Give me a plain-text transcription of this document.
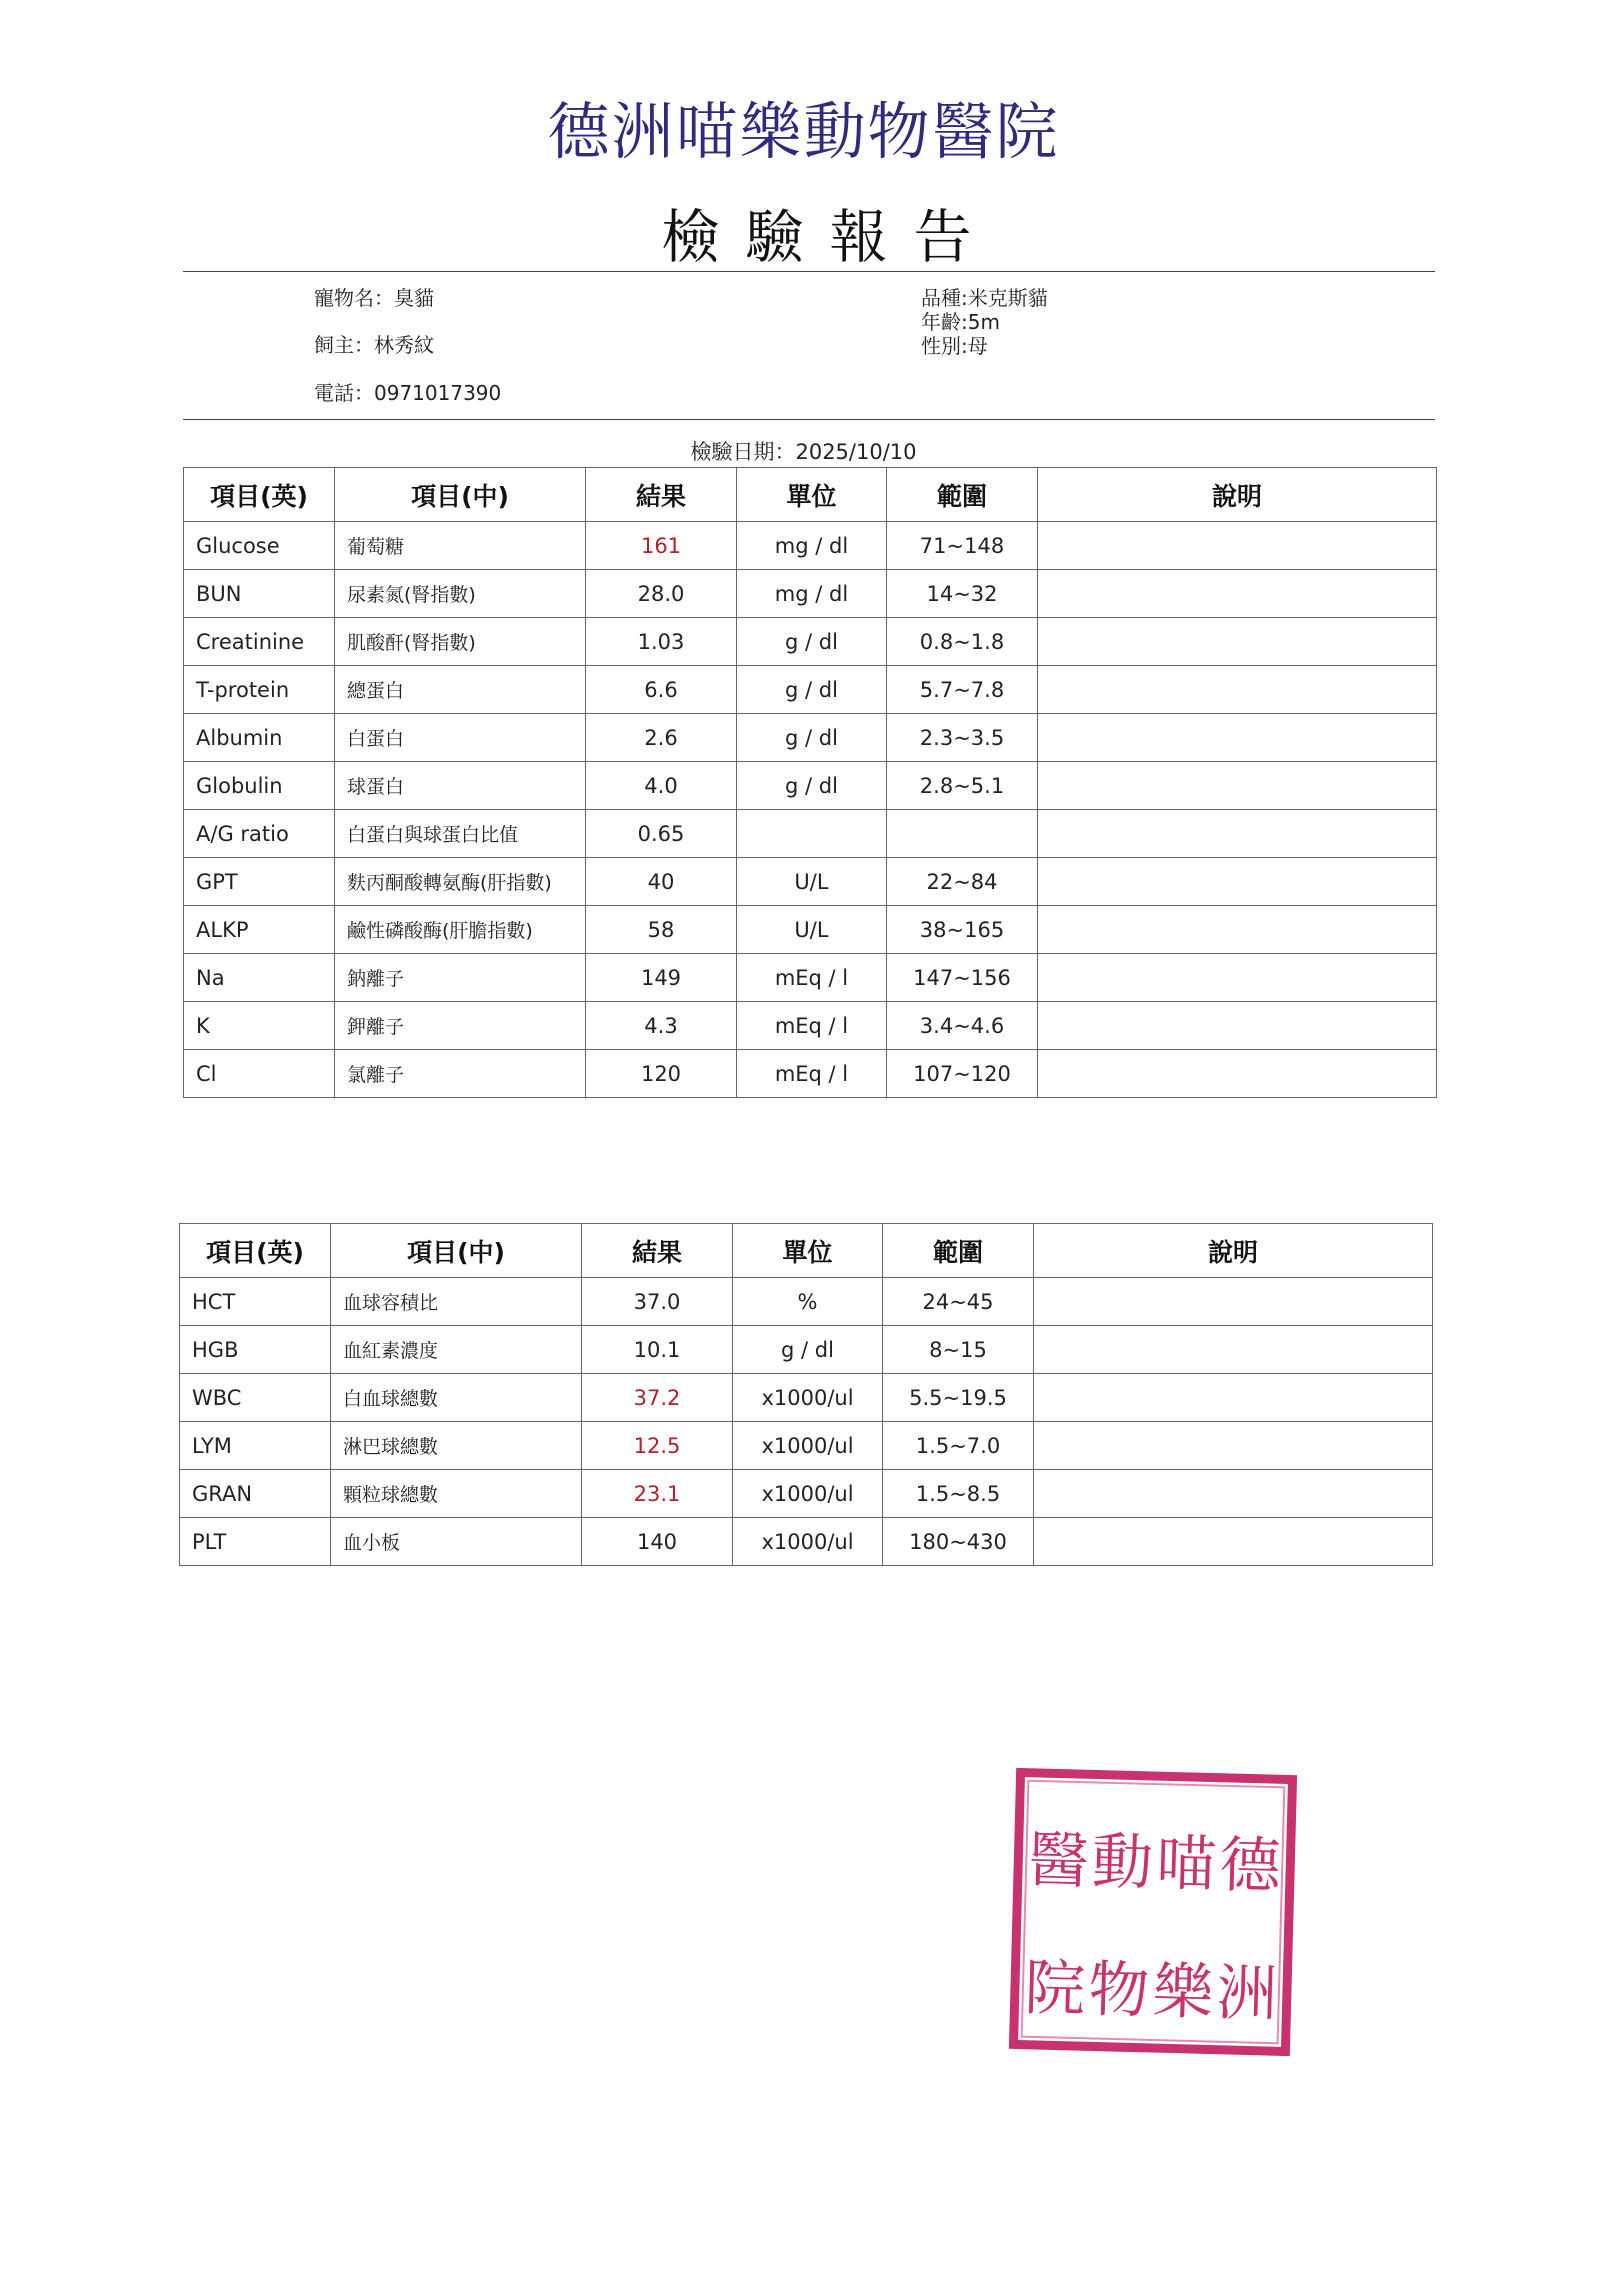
德洲喵樂動物醫院
檢驗報告
寵物名：臭貓
飼主：林秀紋
電話：0971017390
品種:米克斯貓
年齡:5m
性別:母
檢驗日期：2025/10/10
項目(英)	項目(中)	結果	單位	範圍	說明
Glucose	葡萄糖	161	mg / dl	71~148	
BUN	尿素氮(腎指數)	28.0	mg / dl	14~32	
Creatinine	肌酸酐(腎指數)	1.03	g / dl	0.8~1.8	
T-protein	總蛋白	6.6	g / dl	5.7~7.8	
Albumin	白蛋白	2.6	g / dl	2.3~3.5	
Globulin	球蛋白	4.0	g / dl	2.8~5.1	
A/G ratio	白蛋白與球蛋白比值	0.65			
GPT	麩丙酮酸轉氨酶(肝指數)	40	U/L	22~84	
ALKP	鹼性磷酸酶(肝膽指數)	58	U/L	38~165	
Na	鈉離子	149	mEq / l	147~156	
K	鉀離子	4.3	mEq / l	3.4~4.6	
Cl	氯離子	120	mEq / l	107~120	
項目(英)	項目(中)	結果	單位	範圍	說明
HCT	血球容積比	37.0	%	24~45	
HGB	血紅素濃度	10.1	g / dl	8~15	
WBC	白血球總數	37.2	x1000/ul	5.5~19.5	
LYM	淋巴球總數	12.5	x1000/ul	1.5~7.0	
GRAN	顆粒球總數	23.1	x1000/ul	1.5~8.5	
PLT	血小板	140	x1000/ul	180~430	
德
洲
喵
樂
動
物
醫
院
